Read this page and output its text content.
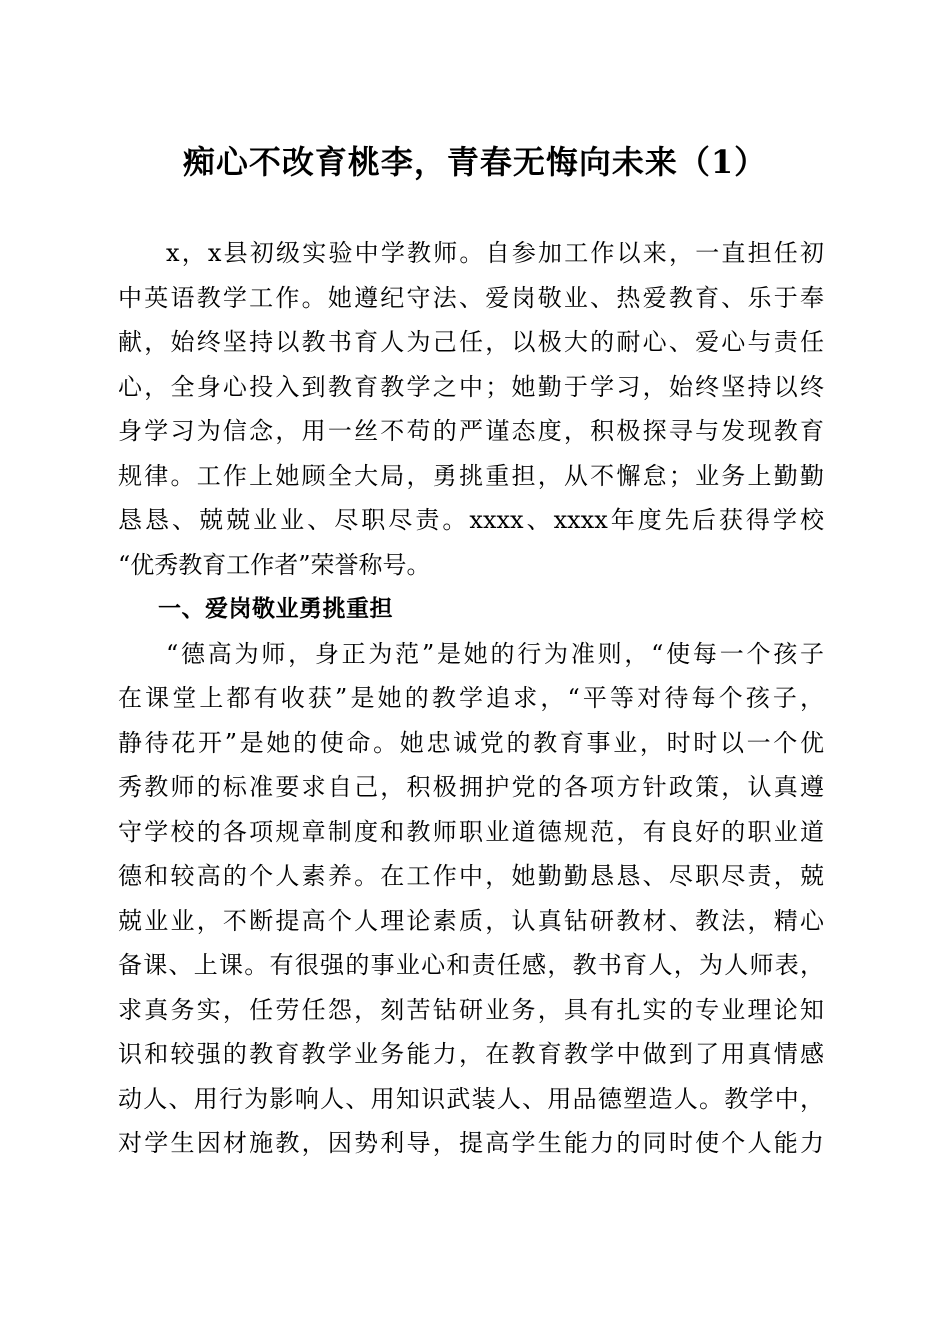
痴心不改育桃李，青春无悔向未来（1）
x，x县初级实验中学教师。自参加工作以来，一直担任初
中英语教学工作。她遵纪守法、爱岗敬业、热爱教育、乐于奉
献，始终坚持以教书育人为己任，以极大的耐心、爱心与责任
心，全身心投入到教育教学之中；她勤于学习，始终坚持以终
身学习为信念，用一丝不苟的严谨态度，积极探寻与发现教育
规律。工作上她顾全大局，勇挑重担，从不懈怠；业务上勤勤
恳恳、兢兢业业、尽职尽责。xxxx、xxxx年度先后获得学校
“优秀教育工作者”荣誉称号。
一、爱岗敬业勇挑重担
“德高为师，身正为范”是她的行为准则，“使每一个孩子
在课堂上都有收获”是她的教学追求，“平等对待每个孩子，
静待花开”是她的使命。她忠诚党的教育事业，时时以一个优
秀教师的标准要求自己，积极拥护党的各项方针政策，认真遵
守学校的各项规章制度和教师职业道德规范，有良好的职业道
德和较高的个人素养。在工作中，她勤勤恳恳、尽职尽责，兢
兢业业，不断提高个人理论素质，认真钻研教材、教法，精心
备课、上课。有很强的事业心和责任感，教书育人，为人师表，
求真务实，任劳任怨，刻苦钻研业务，具有扎实的专业理论知
识和较强的教育教学业务能力，在教育教学中做到了用真情感
动人、用行为影响人、用知识武装人、用品德塑造人。教学中，
对学生因材施教，因势利导，提高学生能力的同时使个人能力
